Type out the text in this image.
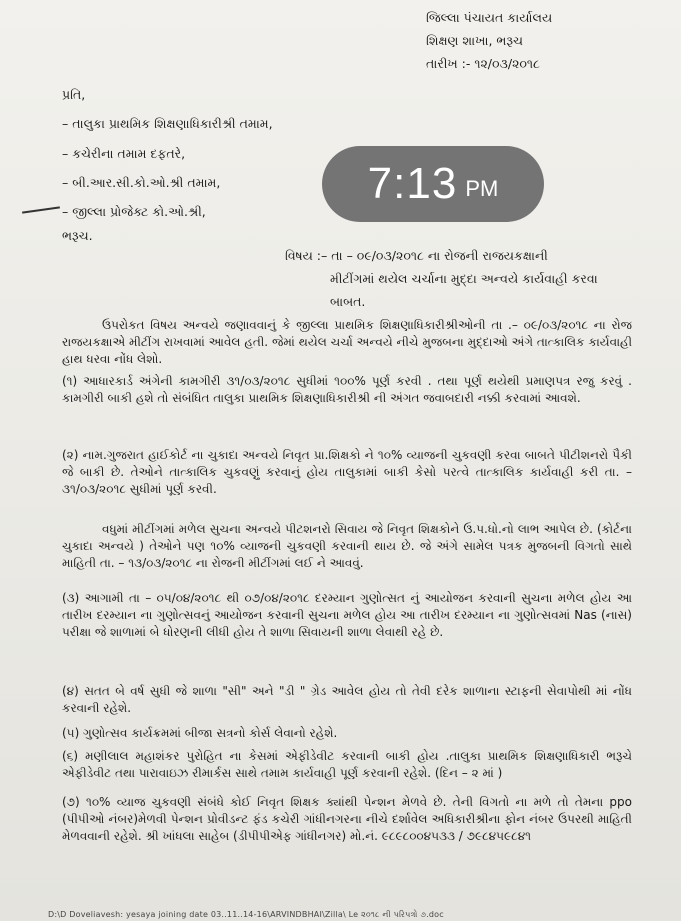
જિલ્લા પંચાયત કાર્યાલય
શિક્ષણ શાખા, ભરૂચ
તારીખ :- ૧૨/૦૩/૨૦૧૮
પ્રતિ,
– તાલુકા પ્રાથમિક શિક્ષણાધિકારીશ્રી તમામ,
– કચેરીના તમામ દફતરે,
– બી.આર.સી.કો.ઓ.શ્રી તમામ,
– જીલ્લા પ્રોજેક્ટ કો.ઓ.શ્રી,
ભરૂચ.
7:13 PM
વિષય :– તા – ૦૯/૦૩/૨૦૧૮ ના રોજની રાજયકક્ષાની
મીટીંગમાં થયેલ ચર્ચાના મુદ્દા અન્વયે કાર્યવાહી કરવા
બાબત.
ઉપરોકત વિષય અન્વયે જણાવવાનું કે જીલ્લા પ્રાથમિક શિક્ષણાધિકારીશ્રીઓની તા .– ૦૯/૦૩/૨૦૧૮ ના રોજ રાજયકક્ષાએ મીટીંગ રાખવામાં આવેલ હતી. જેમાં થયેલ ચર્ચા અન્વયે નીચે મુજબના મુદ્દાઓ અંગે તાત્કાલિક કાર્યવાહી હાથ ધરવા નોંધ લેશો.
(૧) આધારકાર્ડ અંગેની કામગીરી ૩૧/૦૩/૨૦૧૮ સુધીમાં ૧૦૦% પૂર્ણ કરવી . તથા પૂર્ણ થયેથી પ્રમાણપત્ર રજુ કરવું . કામગીરી બાકી હશે તો સંબંધિત તાલુકા પ્રાથમિક શિક્ષણાધિકારીશ્રી ની અંગત જવાબદારી નક્કી કરવામાં આવશે.
(૨) નામ.ગુજરાત હાઈકોર્ટ ના ચુકાદા અન્વયે નિવૃત પ્રા.શિક્ષકો ને ૧૦% વ્યાજની ચુકવણી કરવા બાબતે પીટીશનરો પૈકી જે બાકી છે. તેઓને તાત્કાલિક ચુકવણું કરવાનું હોય તાલુકામાં બાકી કેસો પરત્વે તાત્કાલિક કાર્યવાહી કરી તા. – ૩૧/૦૩/૨૦૧૮ સુધીમાં પૂર્ણ કરવી.
વધુમાં મીટીંગમાં મળેલ સુચના અન્વયે પીટશનરો સિવાય જે નિવૃત શિક્ષકોને ઉ.પ.ધો.નો લાભ આપેલ છે. (કોર્ટના ચુકાદા અન્વયે ) તેઓને પણ ૧૦% વ્યાજની ચુકવણી કરવાની થાય છે. જે અંગે સામેલ પત્રક મુજબની વિગતો સાથે માહિતી તા. – ૧૩/૦૩/૨૦૧૮ ના રોજની મીટીંગમાં લઈ ને આવવું.
(૩) આગામી તા – ૦૫/૦૪/૨૦૧૮ થી ૦૭/૦૪/૨૦૧૮ દરમ્યાન ગુણોત્સત નું આયોજન કરવાની સુચના મળેલ હોય આ તારીખ દરમ્યાન ના ગુણોત્સવનું આયોજન કરવાની સુચના મળેલ હોય આ તારીખ દરમ્યાન ના ગુણોત્સવમાં Nas (નાસ) પરીક્ષા જે શાળામાં બે ધોરણની લીધી હોય તે શાળા સિવાયની શાળા લેવાથી રહે છે.
(૪) સતત બે વર્ષ સુધી જે શાળા "સી" અને "ડી " ગ્રેડ આવેલ હોય તો તેવી દરેક શાળાના સ્ટાફની સેવાપોથી માં નોંધ કરવાની રહેશે.
(૫) ગુણોત્સવ કાર્યક્રમમાં બીજા સત્રનો કોર્સ લેવાનો રહેશે.
(૬) મણીલાલ મહાશંકર પુરોહિત ના કેસમાં એફીડેવીટ કરવાની બાકી હોય .તાલુકા પ્રાથમિક શિક્ષણાધિકારી ભરૂચે એફીડેવીટ તથા પારાવાઇઝ રીમાર્કસ સાથે તમામ કાર્યવાહી પૂર્ણ કરવાની રહેશે. (દિન – ૨ માં )
(૭) ૧૦% વ્યાજ ચુકવણી સંબંધે કોઈ નિવૃત શિક્ષક ક્યાંથી પેન્શન મેળવે છે. તેની વિગતો ના મળે તો તેમના ppo (પીપીઓ નંબર)મેળવી પેન્શન પ્રોવીડન્ટ ફંડ કચેરી ગાંધીનગરના નીચે દર્શાવેલ અધિકારીશ્રીના ફોન નંબર ઉપરથી માહિતી મેળવવાની રહેશે. શ્રી ખાંધલા સાહેબ (ડીપીપીએફ ગાંધીનગર) મો.નં. ૯૮૯૮૦૦૪૫૩૩ / ૭૯૮૪૫૯૮૪૧
D:\D Doveliavesh: yesaya joining date 03..11..14-16\ARVINDBHAI\Zilla\ Le ૨૦૧૮ ની પરિપત્રો ૭.doc
